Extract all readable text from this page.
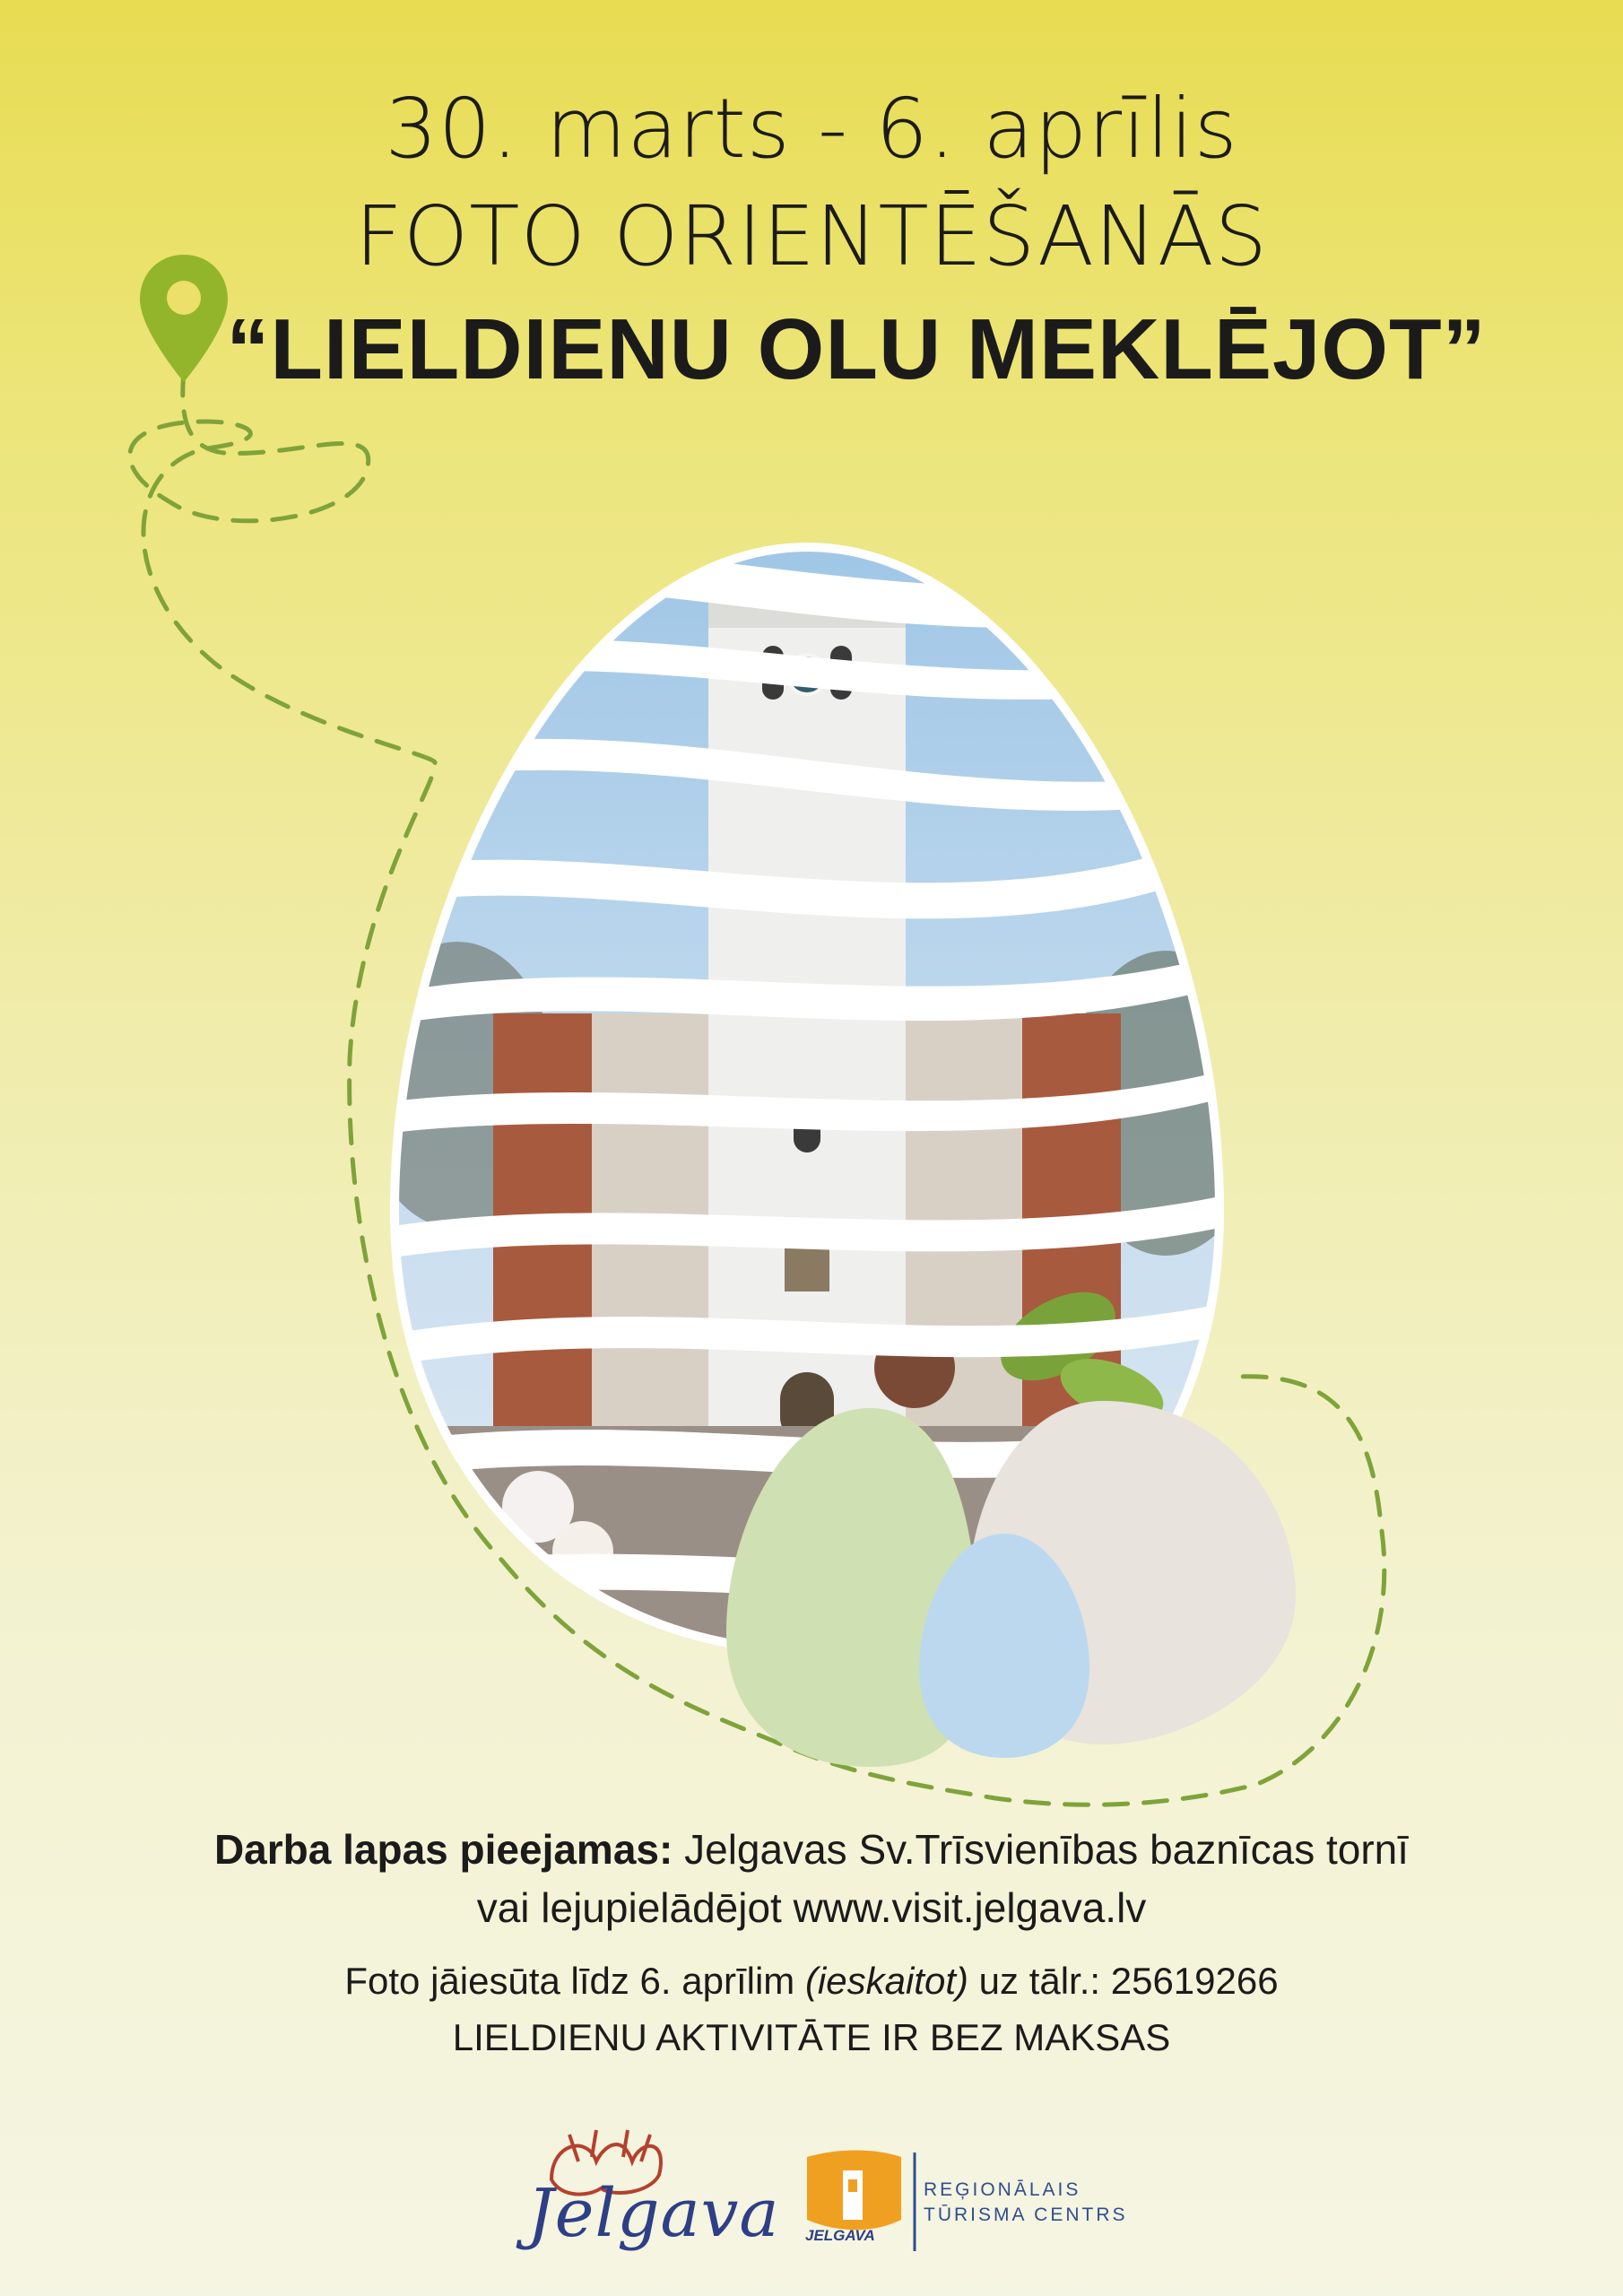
30. marts - 6. aprīlis
FOTO ORIENTĒŠANĀS
“LIELDIENU OLU MEKLĒJOT”
Darba lapas pieejamas: Jelgavas Sv.Trīsvienības baznīcas tornī
vai lejupielādējot www.visit.jelgava.lv
Foto jāiesūta līdz 6. aprīlim (ieskaitot) uz tālr.: 25619266
LIELDIENU AKTIVITĀTE IR BEZ MAKSAS
Jelgava JELGAVA
REĢIONĀLAIS
TŪRISMA CENTRS
